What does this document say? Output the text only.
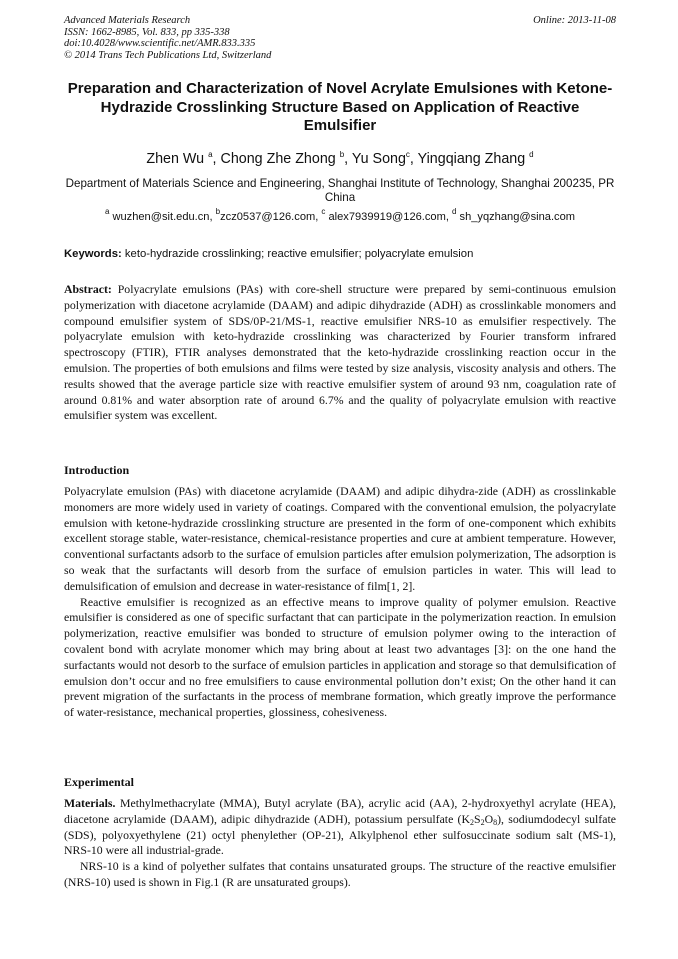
Advanced Materials Research
ISSN: 1662-8985, Vol. 833, pp 335-338
doi:10.4028/www.scientific.net/AMR.833.335
© 2014 Trans Tech Publications Ltd, Switzerland
Online: 2013-11-08
Preparation and Characterization of Novel Acrylate Emulsiones with Ketone-Hydrazide Crosslinking Structure Based on Application of Reactive Emulsifier
Zhen Wu $^a$, Chong Zhe Zhong $^b$, Yu Song$^c$, Yingqiang Zhang $^d$
Department of Materials Science and Engineering, Shanghai Institute of Technology, Shanghai 200235, PR China
$^a$ wuzhen@sit.edu.cn, $^b$zcz0537@126.com, $^c$ alex7939919@126.com, $^d$ sh_yqzhang@sina.com
Keywords: keto-hydrazide crosslinking; reactive emulsifier; polyacrylate emulsion

Abstract: Polyacrylate emulsions (PAs) with core-shell structure were prepared by semi-continuous emulsion polymerization with diacetone acrylamide (DAAM) and adipic dihydrazide (ADH) as crosslinkable monomers and compound emulsifier system of SDS/0P-21/MS-1, reactive emulsifier NRS-10 as emulsifier respectively. The polyacrylate emulsion with keto-hydrazide crosslinking was characterized by Fourier transform infrared spectroscopy (FTIR), FTIR analyses demonstrated that the keto-hydrazide crosslinking reaction occur in the emulsion. The properties of both emulsions and films were tested by size analysis, viscosity analysis and others. The results showed that the average particle size with reactive emulsifier system of around 93 nm, coagulation rate of around 0.81% and water absorption rate of around 6.7% and the quality of polyacrylate emulsion with reactive emulsifier system was excellent.

Introduction

Polyacrylate emulsion (PAs) with diacetone acrylamide (DAAM) and adipic dihydra-zide (ADH) as crosslinkable monomers are more widely used in variety of coatings. Compared with the conventional emulsion, the polyacrylate emulsion with ketone-hydrazide crosslinking structure are presented in the form of one-component which exhibits excellent storage stable, water-resistance, chemical-resistance properties and cure at ambient temperature. However, conventional surfactants adsorb to the surface of emulsion particles after emulsion polymerization, The adsorption is so weak that the surfactants will desorb from the surface of emulsion particles in water. This will lead to demulsification of emulsion and decrease in water-resistance of film[1, 2].

Reactive emulsifier is recognized as an effective means to improve quality of polymer emulsion. Reactive emulsifier is considered as one of specific surfactant that can participate in the polymerization reaction. In emulsion polymerization, reactive emulsifier was bonded to structure of emulsion polymer owing to the interaction of covalent bond with acrylate monomer which may bring about at least two advantages [3]: on the one hand the surfactants would not desorb to the surface of emulsion particles in application and storage so that demulsification of emulsion don’t occur and no free emulsifiers to cause environmental pollution don’t exist; On the other hand it can prevent migration of the surfactants in the process of membrane formation, which greatly improve the performance of water-resistance, mechanical properties, glossiness, cohesiveness.

Experimental

Materials. Methylmethacrylate (MMA), Butyl acrylate (BA), acrylic acid (AA), 2-hydroxyethyl acrylate (HEA), diacetone acrylamide (DAAM), adipic dihydrazide (ADH), potassium persulfate $(K_2S_2O_8)$, sodiumdodecyl sulfate (SDS), polyoxyethylene (21) octyl phenylether (OP-21), Alkylphenol ether sulfosuccinate sodium salt (MS-1), NRS-10 were all industrial-grade.

NRS-10 is a kind of polyether sulfates that contains unsaturated groups. The structure of the reactive emulsifier (NRS-10) used is shown in Fig.1 (R are unsaturated groups).
